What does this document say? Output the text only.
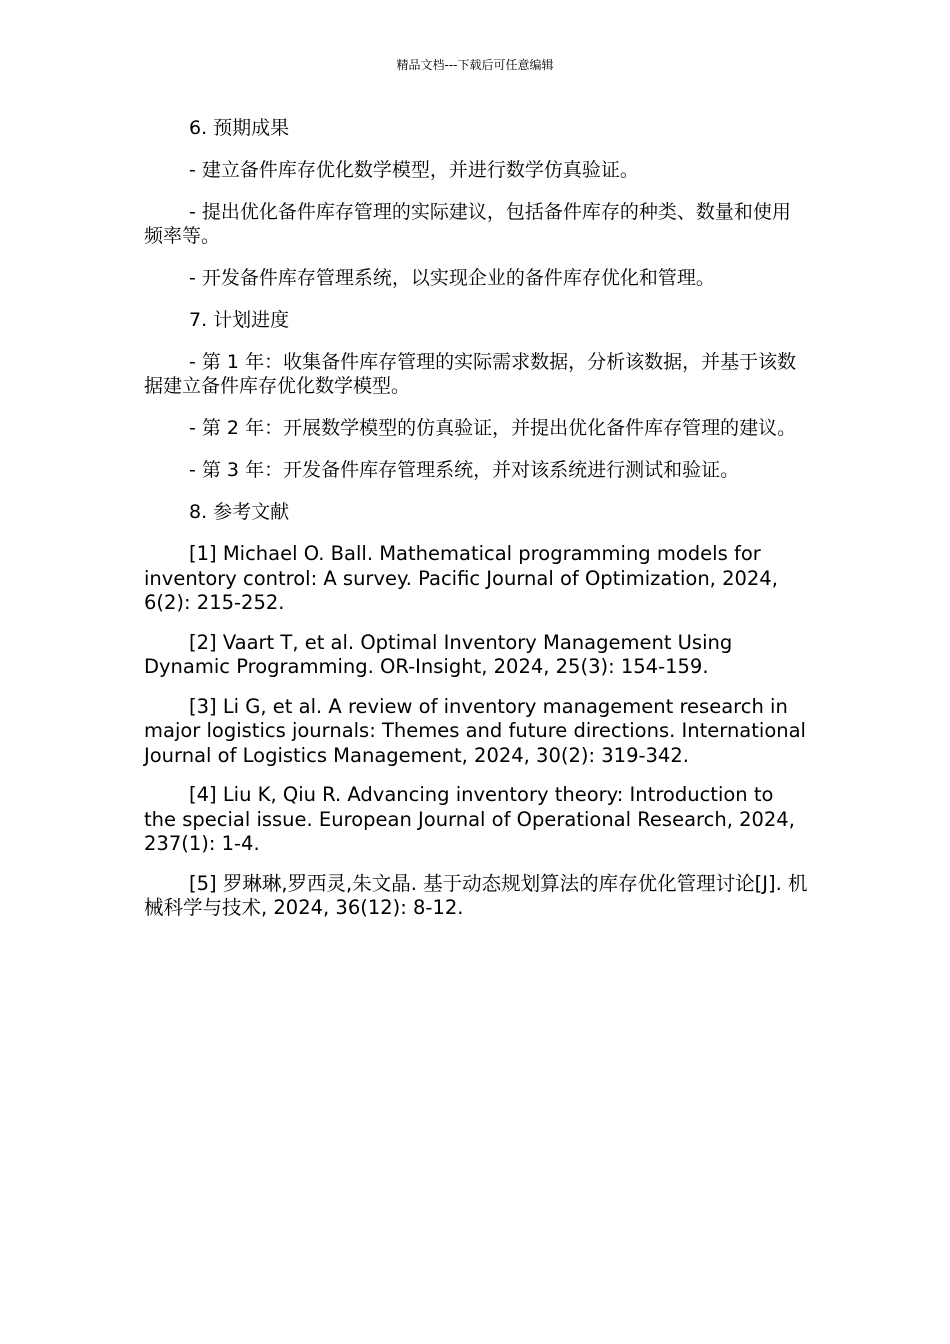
精品文档---下载后可任意编辑

6. 预期成果

- 建立备件库存优化数学模型，并进行数学仿真验证。

- 提出优化备件库存管理的实际建议，包括备件库存的种类、数量和使用频率等。

- 开发备件库存管理系统，以实现企业的备件库存优化和管理。

7. 计划进度

- 第 1 年：收集备件库存管理的实际需求数据，分析该数据，并基于该数据建立备件库存优化数学模型。

- 第 2 年：开展数学模型的仿真验证，并提出优化备件库存管理的建议。

- 第 3 年：开发备件库存管理系统，并对该系统进行测试和验证。

8. 参考文献

[1] Michael O. Ball. Mathematical programming models for inventory control: A survey. Pacific Journal of Optimization, 2024, 6(2): 215-252.

[2] Vaart T, et al. Optimal Inventory Management Using Dynamic Programming. OR-Insight, 2024, 25(3): 154-159.

[3] Li G, et al. A review of inventory management research in major logistics journals: Themes and future directions. International Journal of Logistics Management, 2024, 30(2): 319-342.

[4] Liu K, Qiu R. Advancing inventory theory: Introduction to the special issue. European Journal of Operational Research, 2024, 237(1): 1-4.

[5] 罗琳琳,罗西灵,朱文晶. 基于动态规划算法的库存优化管理讨论[J]. 机械科学与技术, 2024, 36(12): 8-12.
